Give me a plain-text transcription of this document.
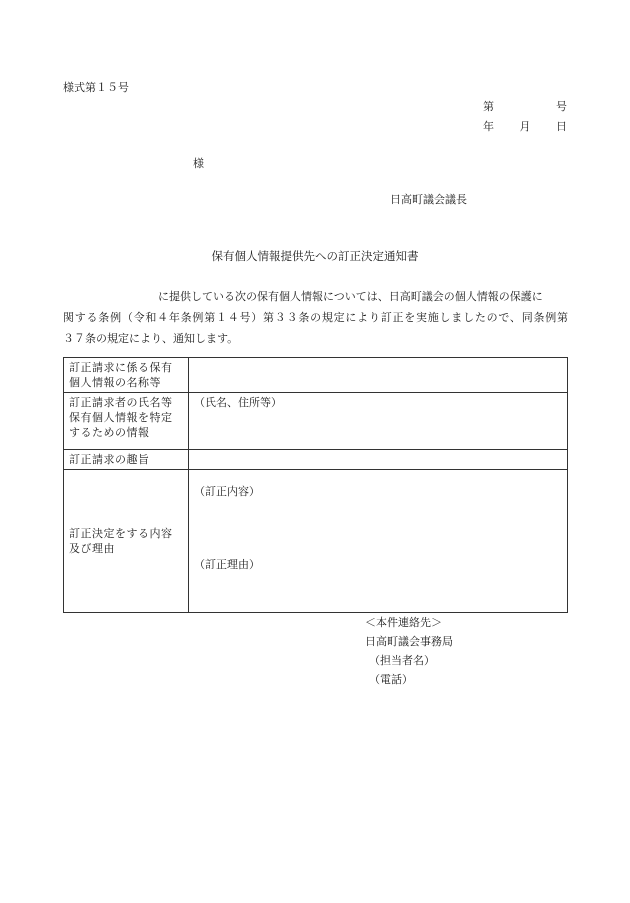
様式第１５号
第	号
年 月 日
様
日高町議会議長
保有個人情報提供先への訂正決定通知書
に提供している次の保有個人情報については、日高町議会の個人情報の保護に
関する条例（令和４年条例第１４号）第３３条の規定により訂正を実施しましたので、同条例第
３７条の規定により、通知します。
訂正請求に係る保有個人情報の名称等	
訂正請求者の氏名等保有個人情報を特定するための情報	（氏名、住所等）
訂正請求の趣旨	
訂正決定をする内容及び理由	（訂正内容）
（訂正理由）
＜本件連絡先＞
日高町議会事務局
（担当者名）
（電話）
